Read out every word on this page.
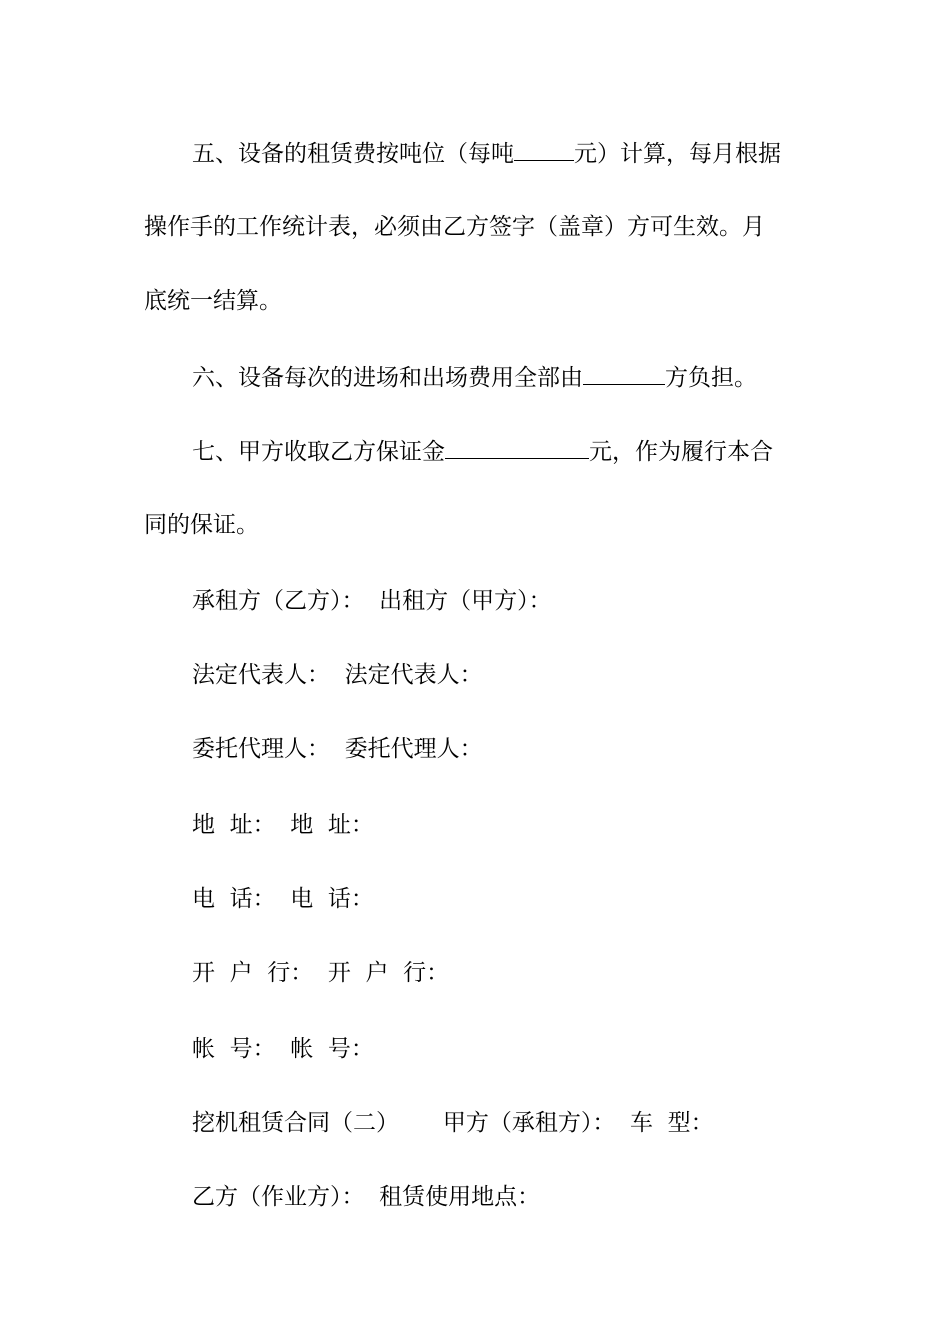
五、设备的租赁费按吨位（每吨	元）计算，每月根据
操作手的工作统计表，必须由乙方签字（盖章）方可生效。月
底统一结算。
六、设备每次的进场和出场费用全部由	方负担。
七、甲方收取乙方保证金	元，作为履行本合
同的保证。
承租方（乙方）：  出租方（甲方）：
法定代表人：  法定代表人：
委托代理人：  委托代理人：
地  址：  地  址：
电  话：  电  话：
开  户  行：  开  户  行：
帐  号：  帐  号：
挖机租赁合同（二）      甲方（承租方）：  车  型：
乙方（作业方）：  租赁使用地点：
